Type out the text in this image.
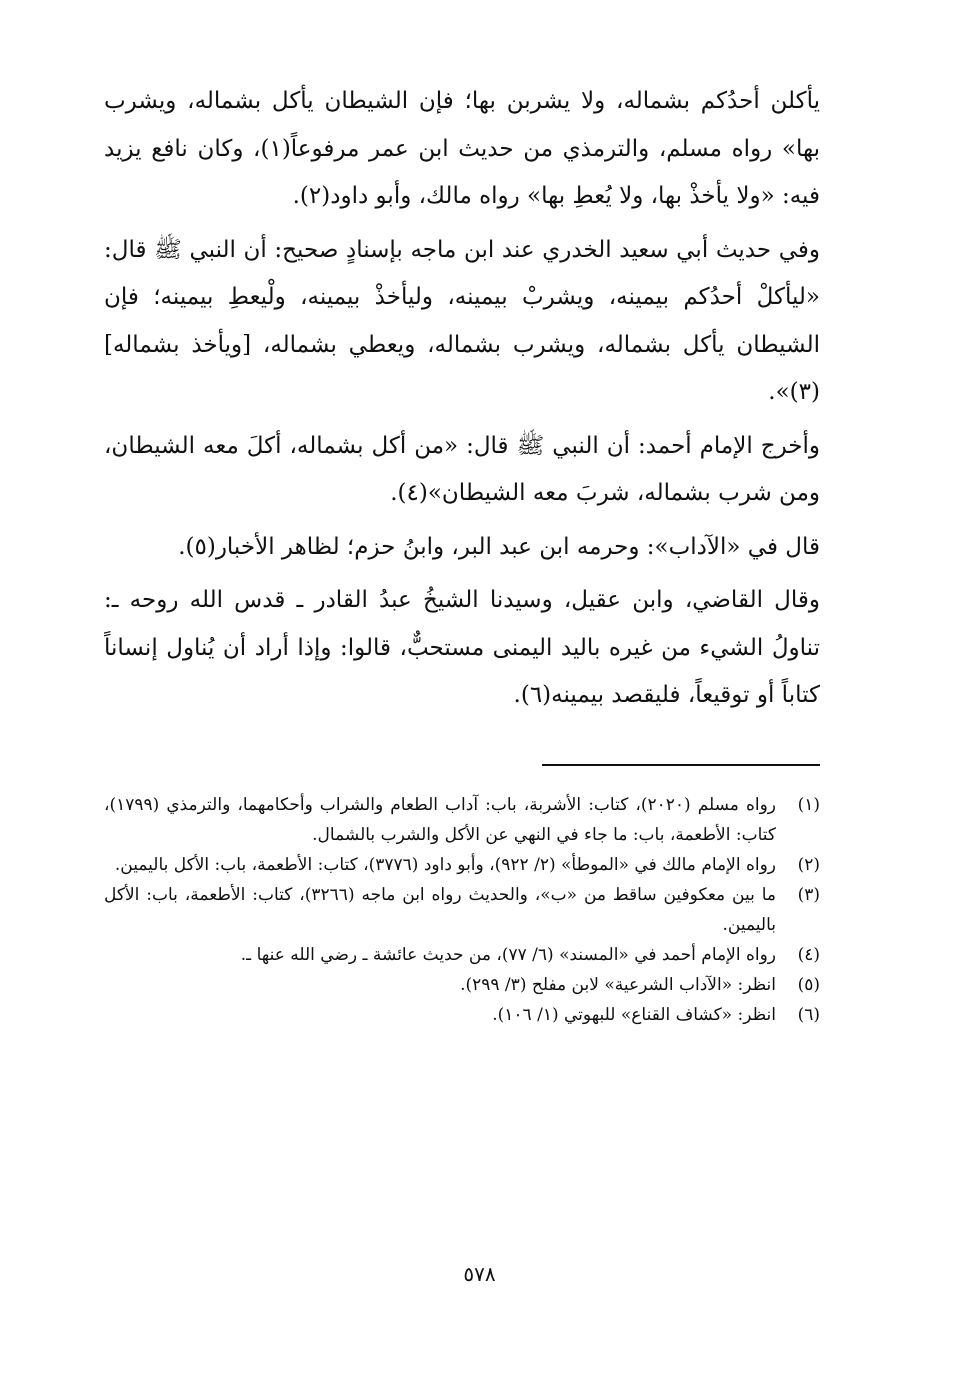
يأكلن أحدُكم بشماله، ولا يشربن بها؛ فإن الشيطان يأكل بشماله، ويشرب بها» رواه مسلم، والترمذي من حديث ابن عمر مرفوعاً(١)، وكان نافع يزيد فيه: «ولا يأخذْ بها، ولا يُعطِ بها» رواه مالك، وأبو داود(٢).

وفي حديث أبي سعيد الخدري عند ابن ماجه بإسنادٍ صحيح: أن النبي ﷺ قال: «ليأكلْ أحدُكم بيمينه، ويشربْ بيمينه، وليأخذْ بيمينه، ولْيعطِ بيمينه؛ فإن الشيطان يأكل بشماله، ويشرب بشماله، ويعطي بشماله، [ويأخذ بشماله](٣)».

وأخرج الإمام أحمد: أن النبي ﷺ قال: «من أكل بشماله، أكلَ معه الشيطان، ومن شرب بشماله، شربَ معه الشيطان»(٤).

قال في «الآداب»: وحرمه ابن عبد البر، وابنُ حزم؛ لظاهر الأخبار(٥).

وقال القاضي، وابن عقيل، وسيدنا الشيخُ عبدُ القادر ـ قدس الله روحه ـ: تناولُ الشيء من غيره باليد اليمنى مستحبٌّ، قالوا: وإذا أراد أن يُناول إنساناً كتاباً أو توقيعاً، فليقصد بيمينه(٦).

(١)
رواه مسلم (٢٠٢٠)، كتاب: الأشربة، باب: آداب الطعام والشراب وأحكامهما، والترمذي (١٧٩٩)، كتاب: الأطعمة، باب: ما جاء في النهي عن الأكل والشرب بالشمال.
(٢)
رواه الإمام مالك في «الموطأ» (٢/ ٩٢٢)، وأبو داود (٣٧٧٦)، كتاب: الأطعمة، باب: الأكل باليمين.
(٣)
ما بين معكوفين ساقط من «ب»، والحديث رواه ابن ماجه (٣٢٦٦)، كتاب: الأطعمة، باب: الأكل باليمين.
(٤)
رواه الإمام أحمد في «المسند» (٦/ ٧٧)، من حديث عائشة ـ رضي الله عنها ـ.
(٥)
انظر: «الآداب الشرعية» لابن مفلح (٣/ ٢٩٩).
(٦)
انظر: «كشاف القناع» للبهوتي (١/ ١٠٦).
٥٧٨
